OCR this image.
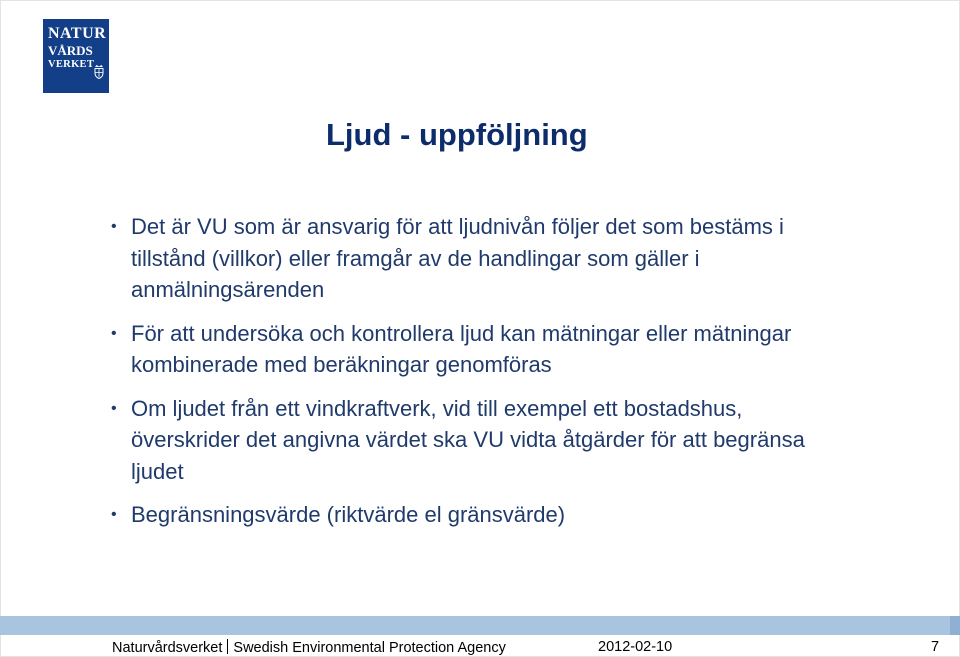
NATUR
VÅRDS
VERKET
Ljud - uppföljning
• Det är VU som är ansvarig för att ljudnivån följer det som bestäms i tillstånd (villkor) eller framgår av de handlingar som gäller i anmälningsärenden
• För att undersöka och kontrollera ljud kan mätningar eller mätningar kombinerade med beräkningar genomföras
• Om ljudet från ett vindkraftverk, vid till exempel ett bostadshus, överskrider det angivna värdet ska VU vidta åtgärder för att begränsa ljudet
• Begränsningsvärde (riktvärde el gränsvärde)
Naturvårdsverket Swedish Environmental Protection Agency	2012-02-10	7
